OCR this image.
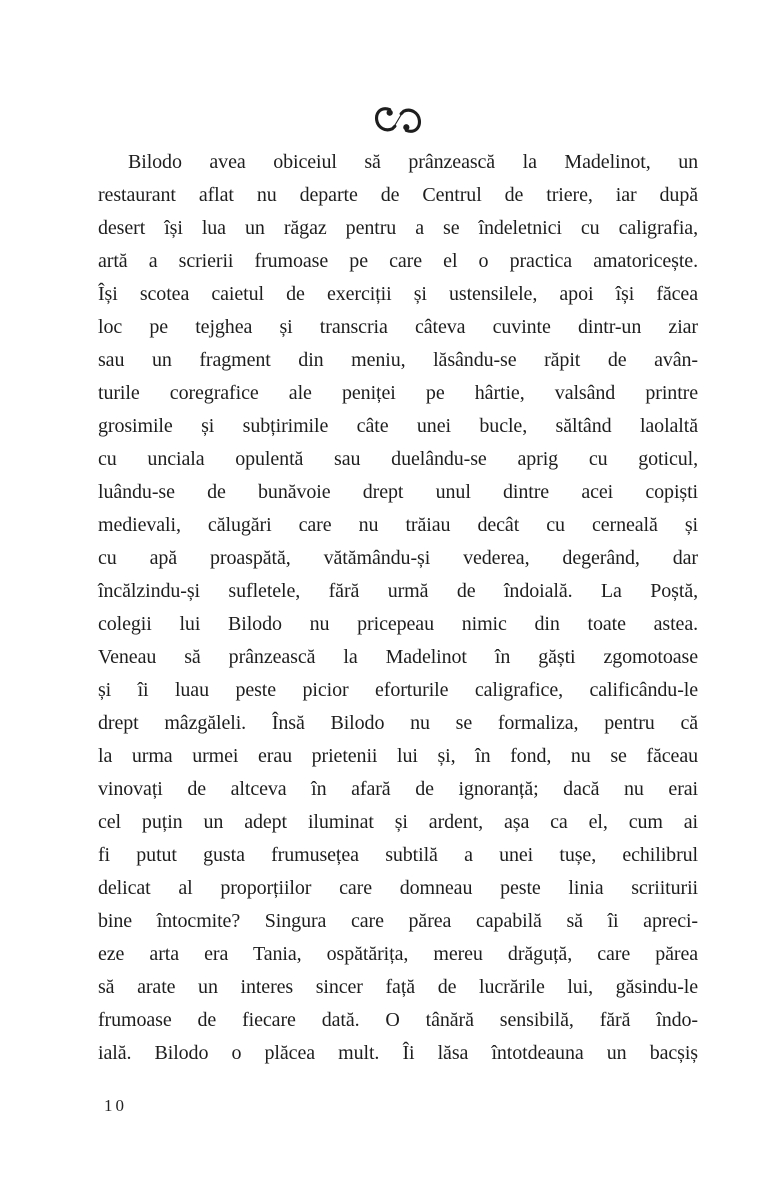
Bilodo avea obiceiul să prânzească la Madelinot, un
restaurant aflat nu departe de Centrul de triere, iar după
desert își lua un răgaz pentru a se îndeletnici cu caligrafia,
artă a scrierii frumoase pe care el o practica amatoricește.
Își scotea caietul de exerciții și ustensilele, apoi își făcea
loc pe tejghea și transcria câteva cuvinte dintr-un ziar
sau un fragment din meniu, lăsându-se răpit de avân-
turile coregrafice ale peniței pe hârtie, valsând printre
grosimile și subțirimile câte unei bucle, săltând laolaltă
cu unciala opulentă sau duelându-se aprig cu goticul,
luându-se de bunăvoie drept unul dintre acei copiști
medievali, călugări care nu trăiau decât cu cerneală și
cu apă proaspătă, vătămându-și vederea, degerând, dar
încălzindu-și sufletele, fără urmă de îndoială. La Poștă,
colegii lui Bilodo nu pricepeau nimic din toate astea.
Veneau să prânzească la Madelinot în găști zgomotoase
și îi luau peste picior eforturile caligrafice, calificându-le
drept mâzgăleli. Însă Bilodo nu se formaliza, pentru că
la urma urmei erau prietenii lui și, în fond, nu se făceau
vinovați de altceva în afară de ignoranță; dacă nu erai
cel puțin un adept iluminat și ardent, așa ca el, cum ai
fi putut gusta frumusețea subtilă a unei tușe, echilibrul
delicat al proporțiilor care domneau peste linia scriiturii
bine întocmite? Singura care părea capabilă să îi apreci-
eze arta era Tania, ospătărița, mereu drăguță, care părea
să arate un interes sincer față de lucrările lui, găsindu-le
frumoase de fiecare dată. O tânără sensibilă, fără îndo-
ială. Bilodo o plăcea mult. Îi lăsa întotdeauna un bacșiș
10
